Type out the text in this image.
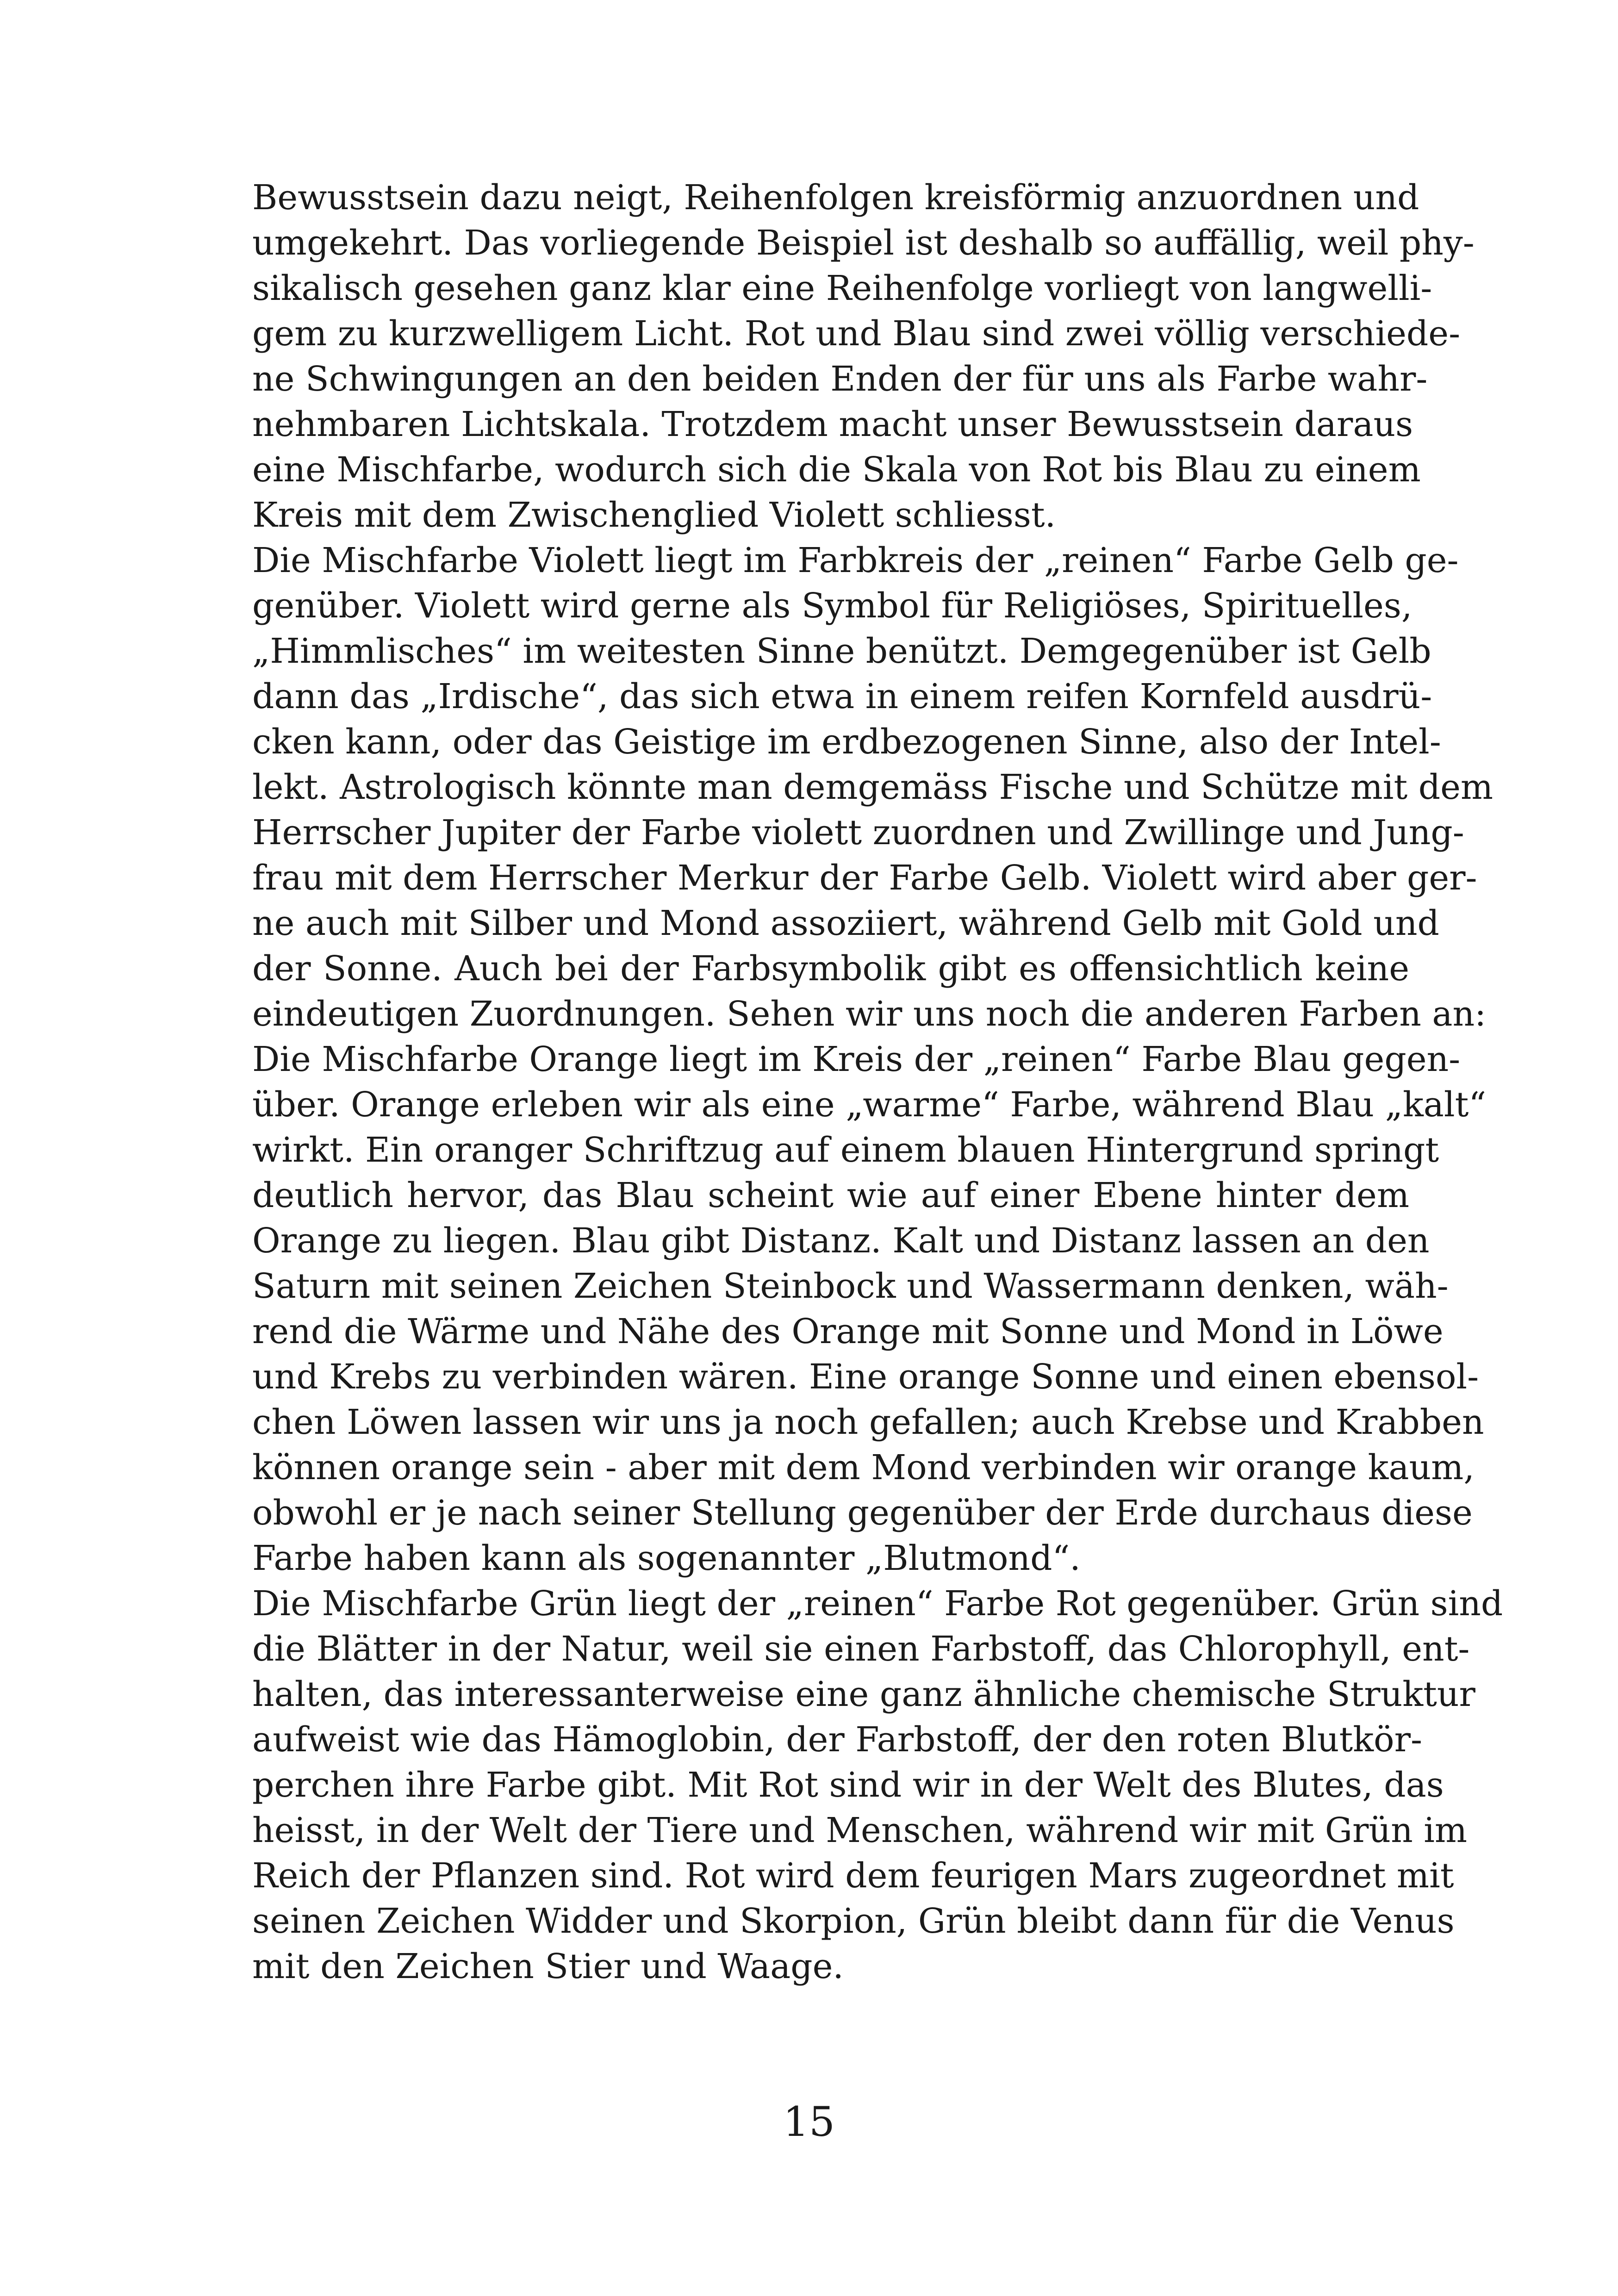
Bewusstsein dazu neigt, Reihenfolgen kreisförmig anzuordnen und
umgekehrt. Das vorliegende Beispiel ist deshalb so auffällig, weil phy-
sikalisch gesehen ganz klar eine Reihenfolge vorliegt von langwelli-
gem zu kurzwelligem Licht. Rot und Blau sind zwei völlig verschiede-
ne Schwingungen an den beiden Enden der für uns als Farbe wahr-
nehmbaren Lichtskala. Trotzdem macht unser Bewusstsein daraus
eine Mischfarbe, wodurch sich die Skala von Rot bis Blau zu einem
Kreis mit dem Zwischenglied Violett schliesst.
Die Mischfarbe Violett liegt im Farbkreis der „reinen“ Farbe Gelb ge-
genüber. Violett wird gerne als Symbol für Religiöses, Spirituelles,
„Himmlisches“ im weitesten Sinne benützt. Demgegenüber ist Gelb
dann das „Irdische“, das sich etwa in einem reifen Kornfeld ausdrü-
cken kann, oder das Geistige im erdbezogenen Sinne, also der Intel-
lekt. Astrologisch könnte man demgemäss Fische und Schütze mit dem
Herrscher Jupiter der Farbe violett zuordnen und Zwillinge und Jung-
frau mit dem Herrscher Merkur der Farbe Gelb. Violett wird aber ger-
ne auch mit Silber und Mond assoziiert, während Gelb mit Gold und
der Sonne. Auch bei der Farbsymbolik gibt es offensichtlich keine
eindeutigen Zuordnungen. Sehen wir uns noch die anderen Farben an:
Die Mischfarbe Orange liegt im Kreis der „reinen“ Farbe Blau gegen-
über. Orange erleben wir als eine „warme“ Farbe, während Blau „kalt“
wirkt. Ein oranger Schriftzug auf einem blauen Hintergrund springt
deutlich hervor, das Blau scheint wie auf einer Ebene hinter dem
Orange zu liegen. Blau gibt Distanz. Kalt und Distanz lassen an den
Saturn mit seinen Zeichen Steinbock und Wassermann denken, wäh-
rend die Wärme und Nähe des Orange mit Sonne und Mond in Löwe
und Krebs zu verbinden wären. Eine orange Sonne und einen ebensol-
chen Löwen lassen wir uns ja noch gefallen; auch Krebse und Krabben
können orange sein - aber mit dem Mond verbinden wir orange kaum,
obwohl er je nach seiner Stellung gegenüber der Erde durchaus diese
Farbe haben kann als sogenannter „Blutmond“.
Die Mischfarbe Grün liegt der „reinen“ Farbe Rot gegenüber. Grün sind
die Blätter in der Natur, weil sie einen Farbstoff, das Chlorophyll, ent-
halten, das interessanterweise eine ganz ähnliche chemische Struktur
aufweist wie das Hämoglobin, der Farbstoff, der den roten Blutkör-
perchen ihre Farbe gibt. Mit Rot sind wir in der Welt des Blutes, das
heisst, in der Welt der Tiere und Menschen, während wir mit Grün im
Reich der Pflanzen sind. Rot wird dem feurigen Mars zugeordnet mit
seinen Zeichen Widder und Skorpion, Grün bleibt dann für die Venus
mit den Zeichen Stier und Waage.
15
